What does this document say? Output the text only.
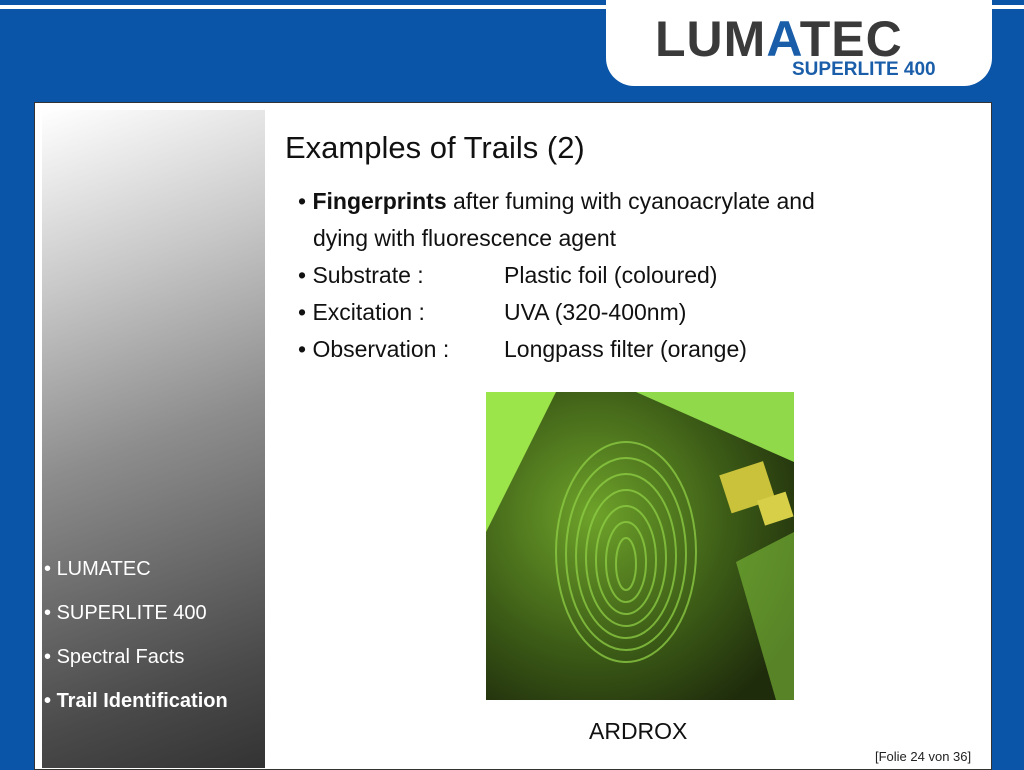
LUMATEC
SUPERLITE 400
• LUMATEC
• SUPERLITE 400
• Spectral Facts
• Trail Identification
Examples of Trails (2)
• Fingerprints after fuming with cyanoacrylate and
dying with fluorescence agent
• Substrate :	Plastic foil (coloured)
• Excitation :	UVA (320-400nm)
• Observation : Longpass filter (orange)
ARDROX
[Folie 24 von 36]
